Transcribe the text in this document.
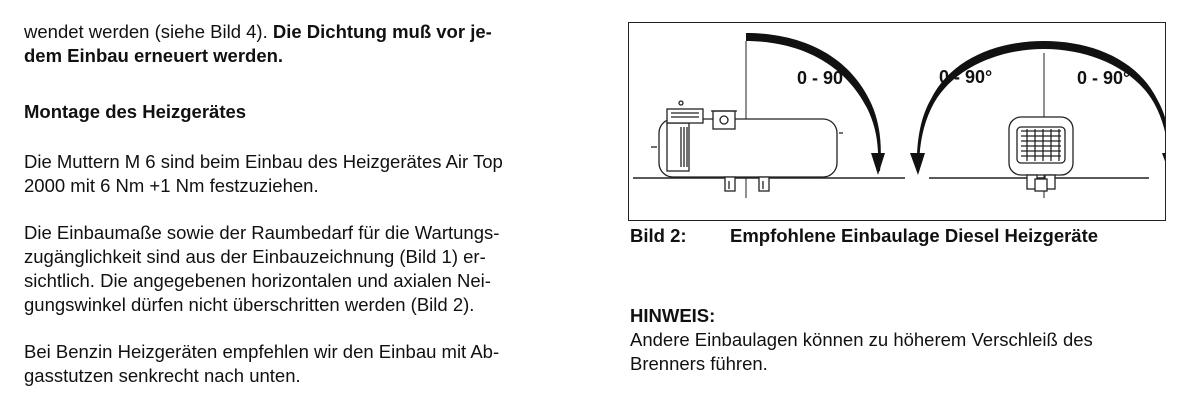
wendet werden (siehe Bild 4). Die Dichtung muß vor je-
dem Einbau erneuert werden.

Montage des Heizgerätes

Die Muttern M 6 sind beim Einbau des Heizgerätes Air Top
2000 mit 6 Nm +1 Nm festzuziehen.

Die Einbaumaße sowie der Raumbedarf für die Wartungs-
zugänglichkeit sind aus der Einbauzeichnung (Bild 1) er-
sichtlich. Die angegebenen horizontalen und axialen Nei-
gungswinkel dürfen nicht überschritten werden (Bild 2).

Bei Benzin Heizgeräten empfehlen wir den Einbau mit Ab-
gasstutzen senkrecht nach unten.

0 - 90°	0 - 90°	0 - 90°
Bild 2: Empfohlene Einbaulage Diesel Heizgeräte
HINWEIS:
Andere Einbaulagen können zu höherem Verschleiß des
Brenners führen.
